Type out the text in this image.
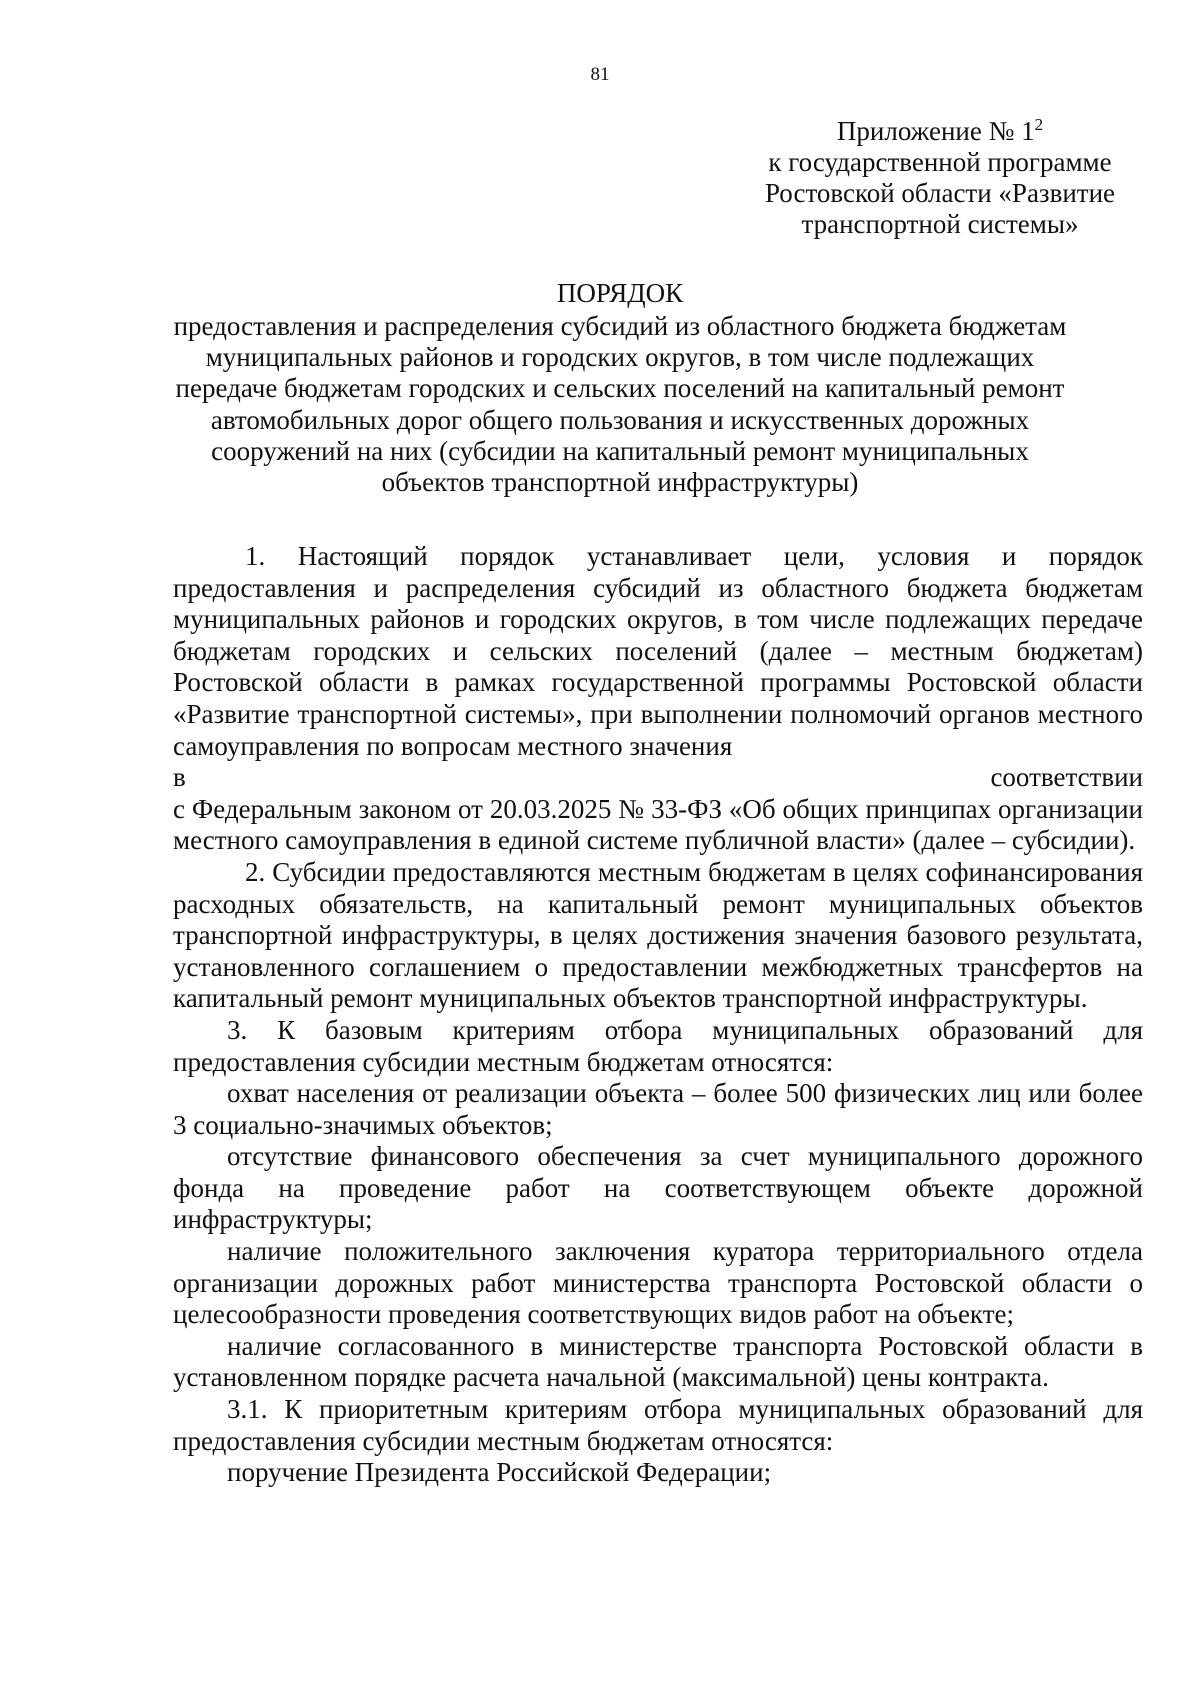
81
Приложение № $1^2$
к государственной программе
Ростовской области «Развитие
транспортной системы»
ПОРЯДОК
предоставления и распределения субсидий из областного бюджета бюджетам
муниципальных районов и городских округов, в том числе подлежащих
передаче бюджетам городских и сельских поселений на капитальный ремонт
автомобильных дорог общего пользования и искусственных дорожных
сооружений на них (субсидии на капитальный ремонт муниципальных
объектов транспортной инфраструктуры)

1. Настоящий порядок устанавливает цели, условия и порядок предоставления и распределения субсидий из областного бюджета бюджетам муниципальных районов и городских округов, в том числе подлежащих передаче бюджетам городских и сельских поселений (далее – местным бюджетам) Ростовской области в рамках государственной программы Ростовской области «Развитие транспортной системы», при выполнении полномочий органов местного самоуправления по вопросам местного значения

в	соответствии

с Федеральным законом от 20.03.2025 № 33-ФЗ «Об общих принципах организации местного самоуправления в единой системе публичной власти» (далее – субсидии).

2. Субсидии предоставляются местным бюджетам в целях софинансирования расходных обязательств, на капитальный ремонт муниципальных объектов транспортной инфраструктуры, в целях достижения значения базового результата, установленного соглашением о предоставлении межбюджетных трансфертов на капитальный ремонт муниципальных объектов транспортной инфраструктуры.

3. К базовым критериям отбора муниципальных образований для предоставления субсидии местным бюджетам относятся:

охват населения от реализации объекта – более 500 физических лиц или более 3 социально-значимых объектов;

отсутствие финансового обеспечения за счет муниципального дорожного фонда на проведение работ на соответствующем объекте дорожной инфраструктуры;

наличие положительного заключения куратора территориального отдела организации дорожных работ министерства транспорта Ростовской области о целесообразности проведения соответствующих видов работ на объекте;

наличие согласованного в министерстве транспорта Ростовской области в установленном порядке расчета начальной (максимальной) цены контракта.

3.1. К приоритетным критериям отбора муниципальных образований для предоставления субсидии местным бюджетам относятся:

поручение Президента Российской Федерации;
